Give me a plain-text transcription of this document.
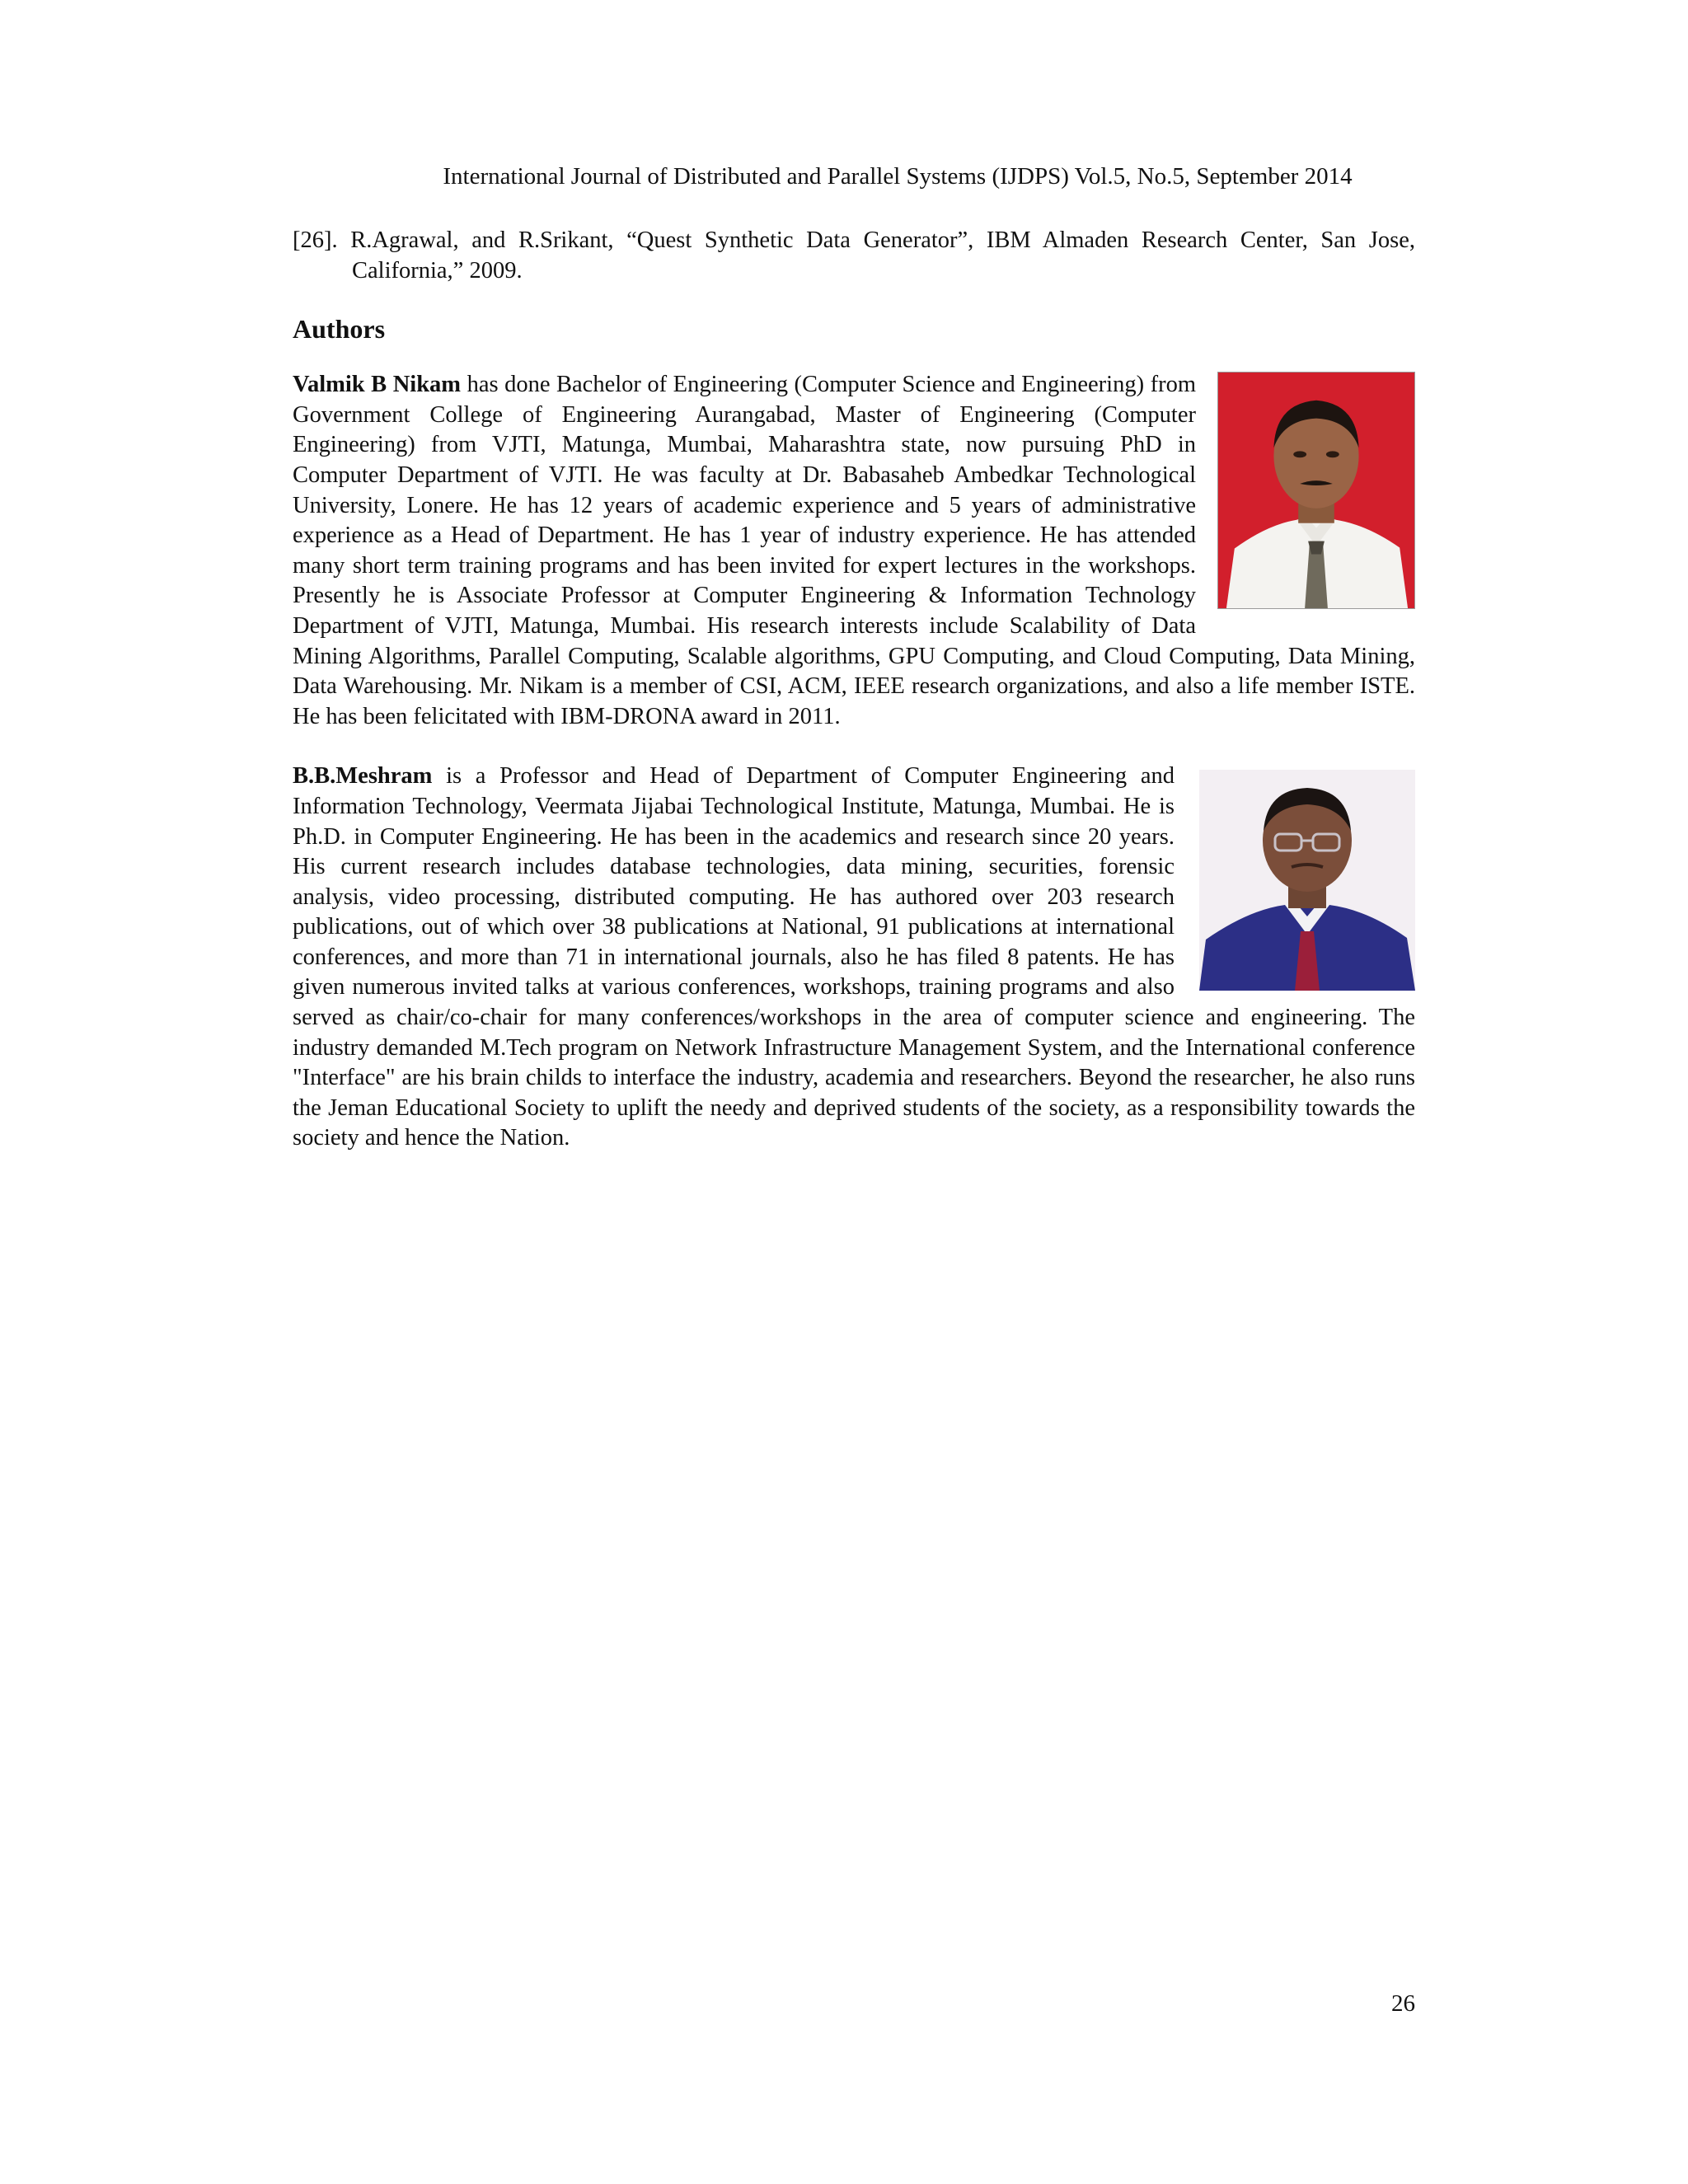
International Journal of Distributed and Parallel Systems (IJDPS) Vol.5, No.5, September 2014

[26]. R.Agrawal, and R.Srikant, “Quest Synthetic Data Generator”, IBM Almaden Research Center, San Jose, California,” 2009.

Authors

Valmik B Nikam has done Bachelor of Engineering (Computer Science and Engineering) from Government College of Engineering Aurangabad, Master of Engineering (Computer Engineering) from VJTI, Matunga, Mumbai, Maharashtra state, now pursuing PhD in Computer Department of VJTI. He was faculty at Dr. Babasaheb Ambedkar Technological University, Lonere. He has 12 years of academic experience and 5 years of administrative experience as a Head of Department. He has 1 year of industry experience. He has attended many short term training programs and has been invited for expert lectures in the workshops. Presently he is Associate Professor at Computer Engineering & Information Technology Department of VJTI, Matunga, Mumbai. His research interests include Scalability of Data Mining Algorithms, Parallel Computing, Scalable algorithms, GPU Computing, and Cloud Computing, Data Mining, Data Warehousing. Mr. Nikam is a member of CSI, ACM, IEEE research organizations, and also a life member ISTE. He has been felicitated with IBM-DRONA award in 2011.

B.B.Meshram is a Professor and Head of Department of Computer Engineering and Information Technology, Veermata Jijabai Technological Institute, Matunga, Mumbai. He is Ph.D. in Computer Engineering. He has been in the academics and research since 20 years. His current research includes database technologies, data mining, securities, forensic analysis, video processing, distributed computing. He has authored over 203 research publications, out of which over 38 publications at National, 91 publications at international conferences, and more than 71 in international journals, also he has filed 8 patents. He has given numerous invited talks at various conferences, workshops, training programs and also served as chair/co-chair for many conferences/workshops in the area of computer science and engineering. The industry demanded M.Tech program on Network Infrastructure Management System, and the International conference "Interface" are his brain childs to interface the industry, academia and researchers. Beyond the researcher, he also runs the Jeman Educational Society to uplift the needy and deprived students of the society, as a responsibility towards the society and hence the Nation.

26
